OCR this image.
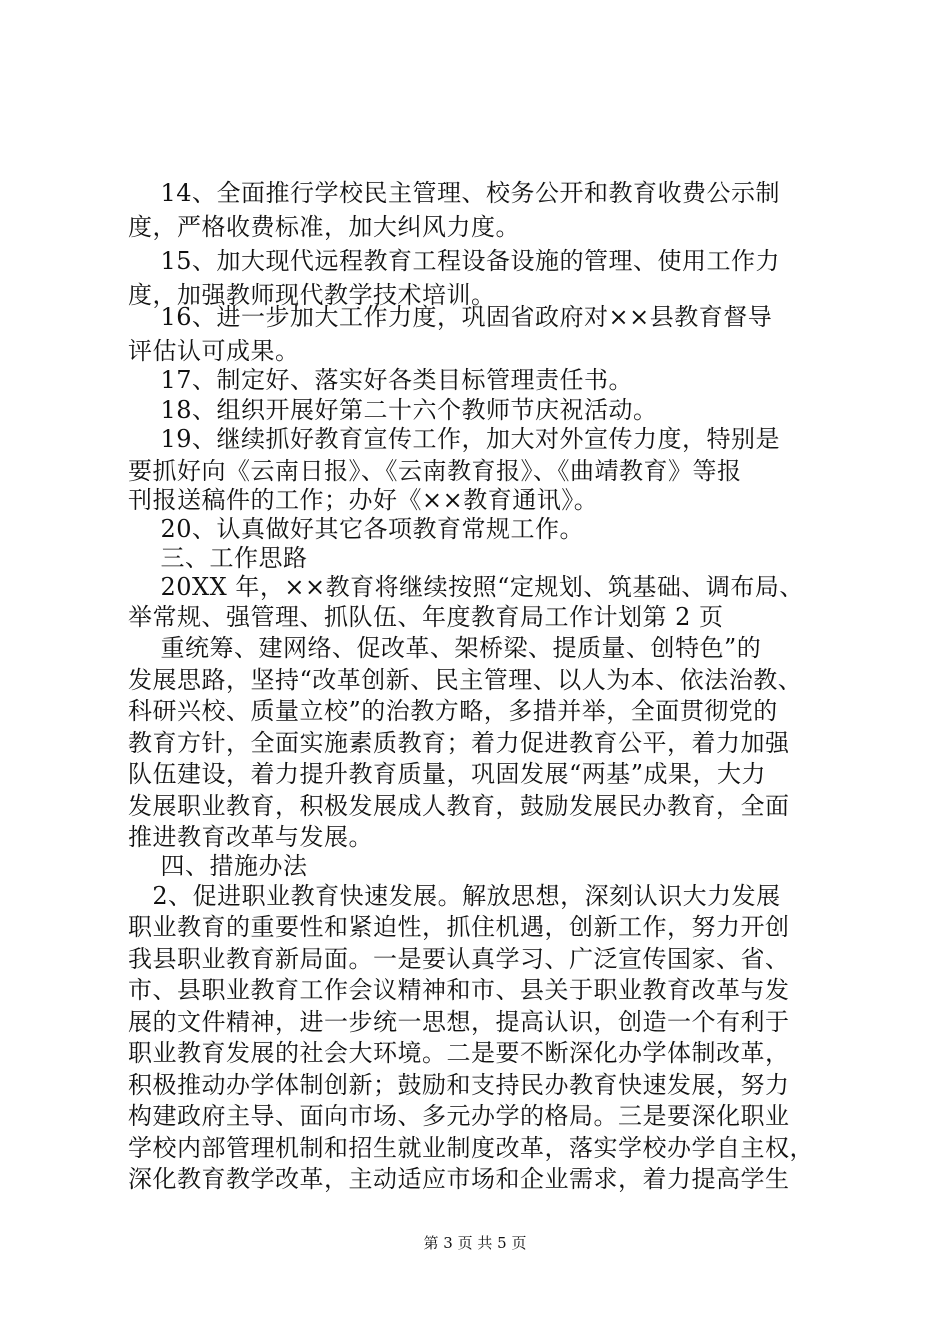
14、全面推行学校民主管理、校务公开和教育收费公示制
度，严格收费标准，加大纠风力度。
15、加大现代远程教育工程设备设施的管理、使用工作力
度，加强教师现代教学技术培训。
16、进一步加大工作力度，巩固省政府对××县教育督导
评估认可成果。
17、制定好、落实好各类目标管理责任书。
18、组织开展好第二十六个教师节庆祝活动。
19、继续抓好教育宣传工作，加大对外宣传力度，特别是
要抓好向《云南日报》、《云南教育报》、《曲靖教育》等报
刊报送稿件的工作；办好《××教育通讯》。
20、认真做好其它各项教育常规工作。
三、工作思路
20XX 年，××教育将继续按照“定规划、筑基础、调布局、
举常规、强管理、抓队伍、年度教育局工作计划第 2 页
重统筹、建网络、促改革、架桥梁、提质量、创特色”的
发展思路，坚持“改革创新、民主管理、以人为本、依法治教、
科研兴校、质量立校”的治教方略，多措并举，全面贯彻党的
教育方针，全面实施素质教育；着力促进教育公平，着力加强
队伍建设，着力提升教育质量，巩固发展“两基”成果，大力
发展职业教育，积极发展成人教育，鼓励发展民办教育，全面
推进教育改革与发展。
四、措施办法
2、促进职业教育快速发展。解放思想，深刻认识大力发展
职业教育的重要性和紧迫性，抓住机遇，创新工作，努力开创
我县职业教育新局面。一是要认真学习、广泛宣传国家、省、
市、县职业教育工作会议精神和市、县关于职业教育改革与发
展的文件精神，进一步统一思想，提高认识，创造一个有利于
职业教育发展的社会大环境。二是要不断深化办学体制改革，
积极推动办学体制创新；鼓励和支持民办教育快速发展，努力
构建政府主导、面向市场、多元办学的格局。三是要深化职业
学校内部管理机制和招生就业制度改革，落实学校办学自主权，
深化教育教学改革，主动适应市场和企业需求，着力提高学生
第 3 页 共 5 页
